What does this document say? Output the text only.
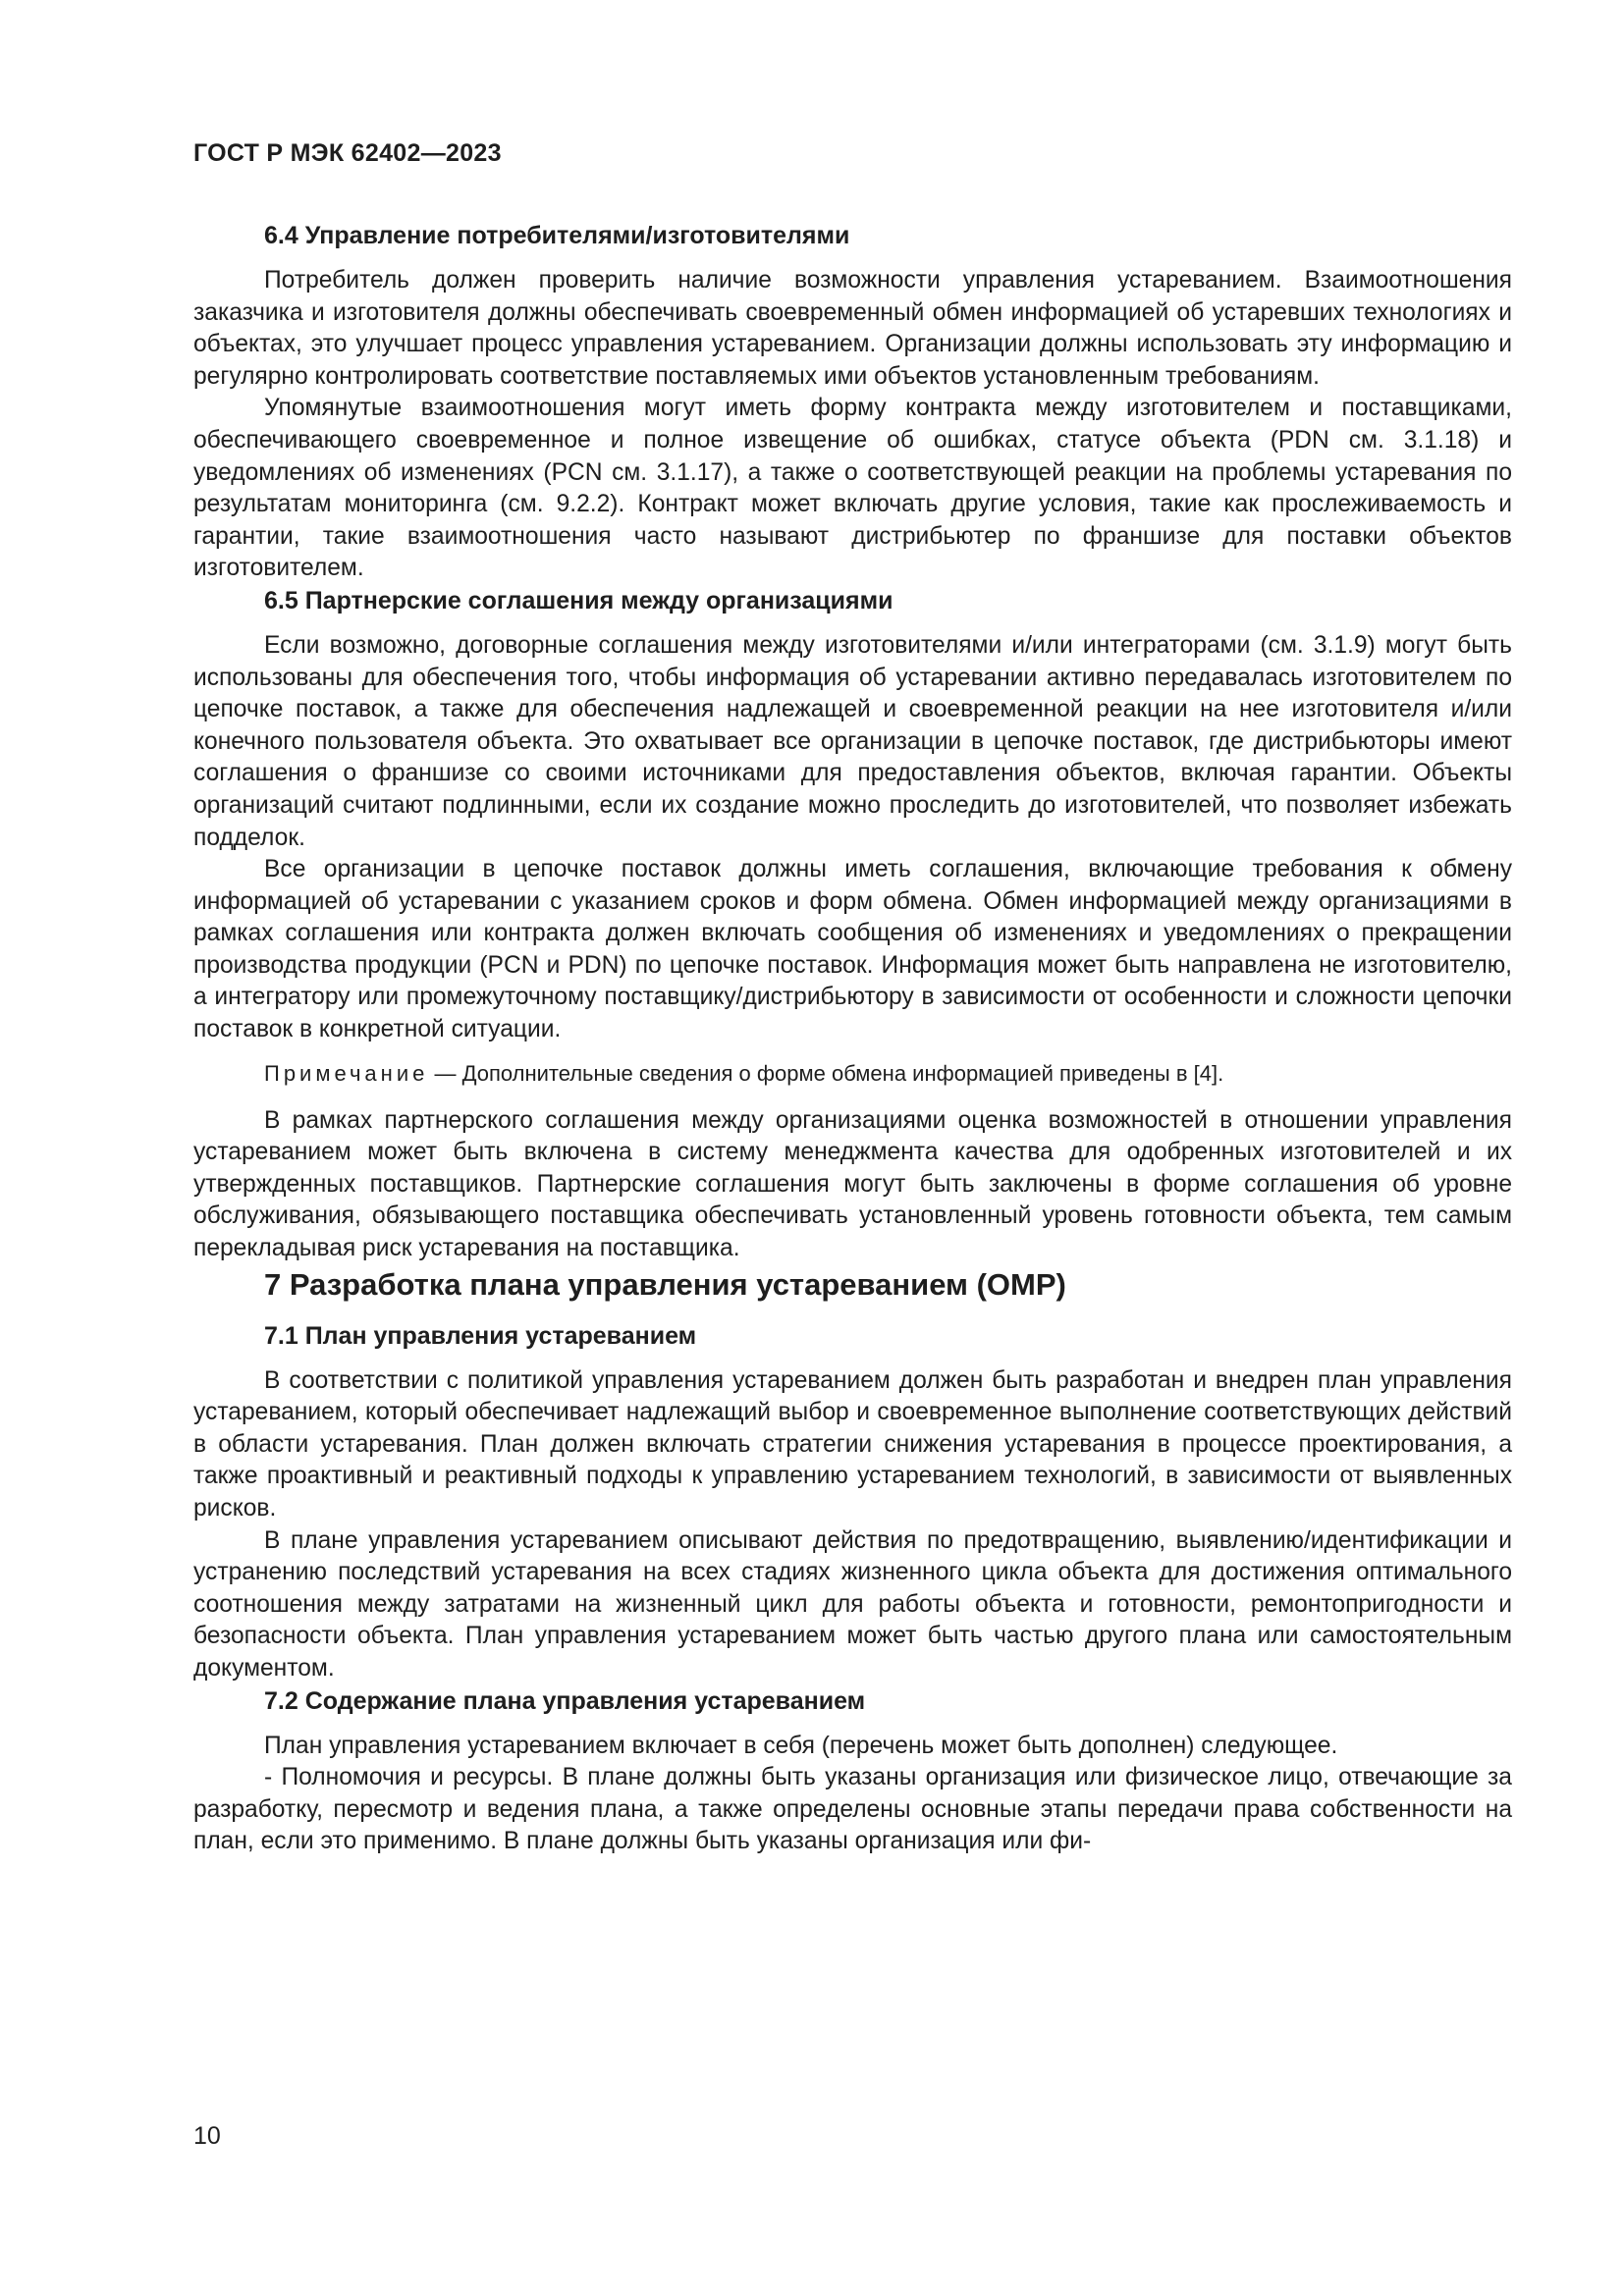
ГОСТ Р МЭК 62402—2023
6.4 Управление потребителями/изготовителями

Потребитель должен проверить наличие возможности управления устареванием. Взаимоотношения заказчика и изготовителя должны обеспечивать своевременный обмен информацией об устаревших технологиях и объектах, это улучшает процесс управления устареванием. Организации должны использовать эту информацию и регулярно контролировать соответствие поставляемых ими объектов установленным требованиям.

Упомянутые взаимоотношения могут иметь форму контракта между изготовителем и поставщиками, обеспечивающего своевременное и полное извещение об ошибках, статусе объекта (PDN см. 3.1.18) и уведомлениях об изменениях (PCN см. 3.1.17), а также о соответствующей реакции на проблемы устаревания по результатам мониторинга (см. 9.2.2). Контракт может включать другие условия, такие как прослеживаемость и гарантии, такие взаимоотношения часто называют дистрибьютер по франшизе для поставки объектов изготовителем.

6.5 Партнерские соглашения между организациями

Если возможно, договорные соглашения между изготовителями и/или интеграторами (см. 3.1.9) могут быть использованы для обеспечения того, чтобы информация об устаревании активно передавалась изготовителем по цепочке поставок, а также для обеспечения надлежащей и своевременной реакции на нее изготовителя и/или конечного пользователя объекта. Это охватывает все организации в цепочке поставок, где дистрибьюторы имеют соглашения о франшизе со своими источниками для предоставления объектов, включая гарантии. Объекты организаций считают подлинными, если их создание можно проследить до изготовителей, что позволяет избежать подделок.

Все организации в цепочке поставок должны иметь соглашения, включающие требования к обмену информацией об устаревании с указанием сроков и форм обмена. Обмен информацией между организациями в рамках соглашения или контракта должен включать сообщения об изменениях и уведомлениях о прекращении производства продукции (PCN и PDN) по цепочке поставок. Информация может быть направлена не изготовителю, а интегратору или промежуточному поставщику/дистрибьютору в зависимости от особенности и сложности цепочки поставок в конкретной ситуации.

Примечание — Дополнительные сведения о форме обмена информацией приведены в [4].

В рамках партнерского соглашения между организациями оценка возможностей в отношении управления устареванием может быть включена в систему менеджмента качества для одобренных изготовителей и их утвержденных поставщиков. Партнерские соглашения могут быть заключены в форме соглашения об уровне обслуживания, обязывающего поставщика обеспечивать установленный уровень готовности объекта, тем самым перекладывая риск устаревания на поставщика.

7 Разработка плана управления устареванием (OMP)
7.1 План управления устареванием

В соответствии с политикой управления устареванием должен быть разработан и внедрен план управления устареванием, который обеспечивает надлежащий выбор и своевременное выполнение соответствующих действий в области устаревания. План должен включать стратегии снижения устаревания в процессе проектирования, а также проактивный и реактивный подходы к управлению устареванием технологий, в зависимости от выявленных рисков.

В плане управления устареванием описывают действия по предотвращению, выявлению/идентификации и устранению последствий устаревания на всех стадиях жизненного цикла объекта для достижения оптимального соотношения между затратами на жизненный цикл для работы объекта и готовности, ремонтопригодности и безопасности объекта. План управления устареванием может быть частью другого плана или самостоятельным документом.

7.2 Содержание плана управления устареванием

План управления устареванием включает в себя (перечень может быть дополнен) следующее.

- Полномочия и ресурсы. В плане должны быть указаны организация или физическое лицо, отвечающие за разработку, пересмотр и ведения плана, а также определены основные этапы передачи права собственности на план, если это применимо. В плане должны быть указаны организация или фи-

10
